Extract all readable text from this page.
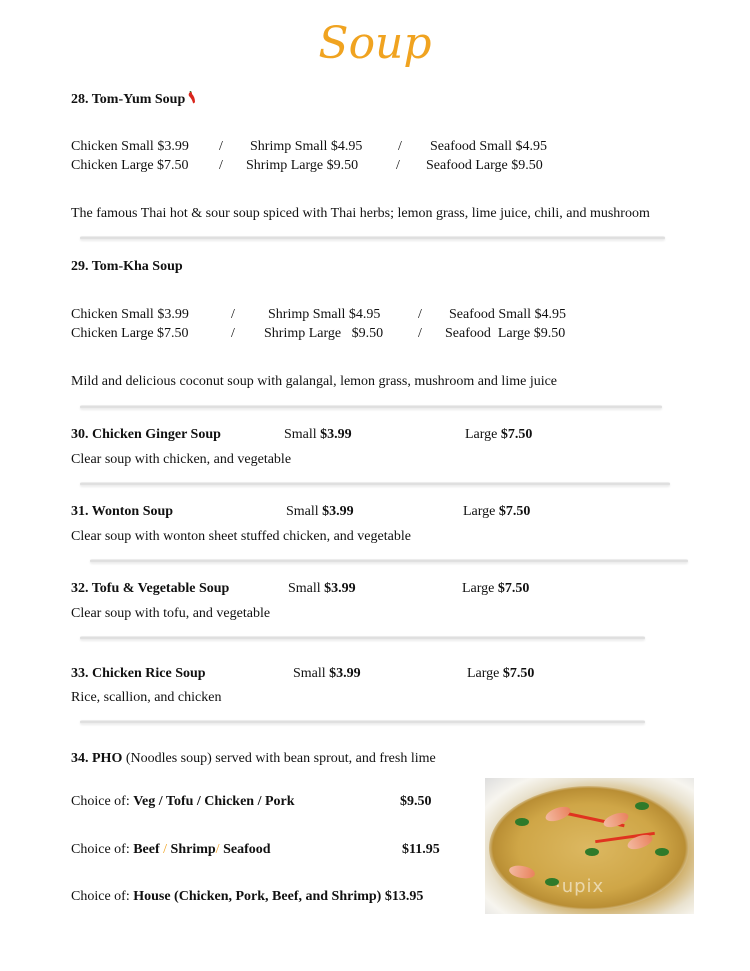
Soup
28. Tom-Yum Soup
Chicken Small $3.99 / Shrimp Small $4.95	/ Seafood Small $4.95
Chicken Large $7.50 / Shrimp Large $9.50	/ Seafood Large $9.50
The famous Thai hot & sour soup spiced with Thai herbs; lemon grass, lime juice, chili, and mushroom
29. Tom-Kha Soup
Chicken Small $3.99	/ Shrimp Small $4.95	/ Seafood Small $4.95
Chicken Large $7.50	/ Shrimp Large   $9.50 / Seafood  Large $9.50
Mild and delicious coconut soup with galangal, lemon grass, mushroom and lime juice
30. Chicken Ginger Soup	Small $3.99	Large $7.50
Clear soup with chicken, and vegetable
31. Wonton Soup	Small $3.99	Large $7.50
Clear soup with wonton sheet stuffed chicken, and vegetable
32. Tofu & Vegetable Soup	Small $3.99	Large $7.50
Clear soup with tofu, and vegetable
33. Chicken Rice Soup	Small $3.99	Large $7.50
Rice, scallion, and chicken
34. PHO (Noodles soup) served with bean sprout, and fresh lime
Choice of: Veg / Tofu / Chicken / Pork	$9.50
Choice of: Beef / Shrimp/ Seafood	$11.95
Choice of: House (Chicken, Pork, Beef, and Shrimp) $13.95	·upix
